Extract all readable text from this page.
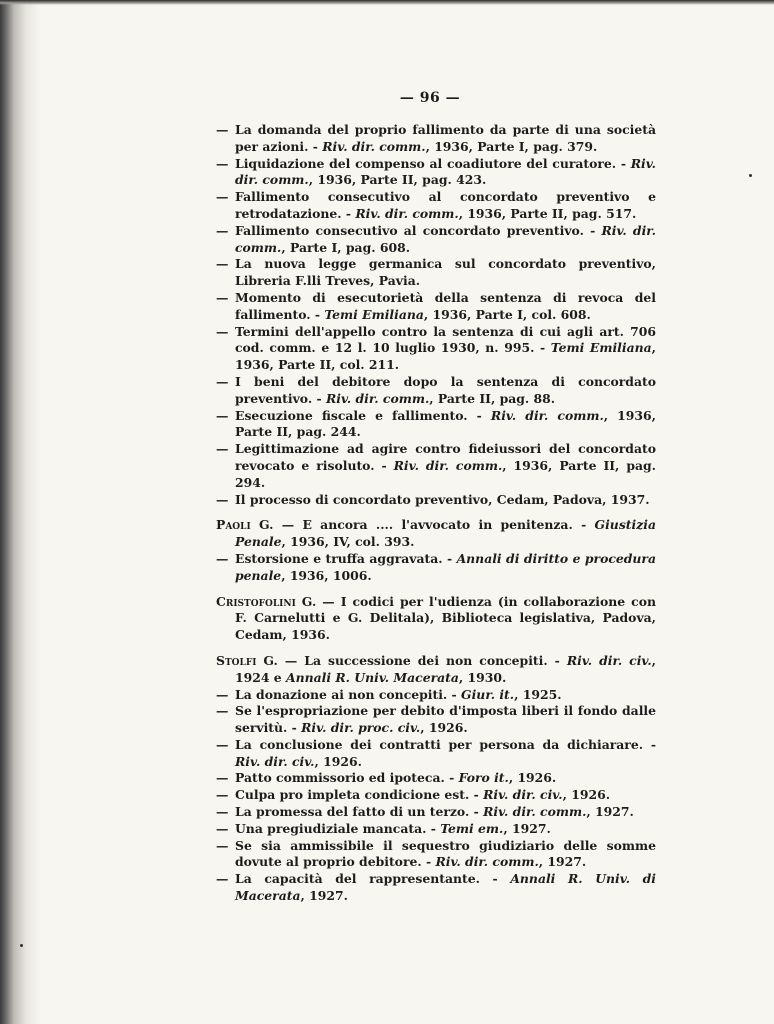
— 96 —
— La domanda del proprio fallimento da parte di una società per azioni. - Riv. dir. comm., 1936, Parte I, pag. 379.
— Liquidazione del compenso al coadiutore del curatore. - Riv. dir. comm., 1936, Parte II, pag. 423.
— Fallimento consecutivo al concordato preventivo e retrodatazione. - Riv. dir. comm., 1936, Parte II, pag. 517.
— Fallimento consecutivo al concordato preventivo. - Riv. dir. comm., Parte I, pag. 608.
— La nuova legge germanica sul concordato preventivo, Libreria F.lli Treves, Pavia.
— Momento di esecutorietà della sentenza di revoca del fallimento. - Temi Emiliana, 1936, Parte I, col. 608.
— Termini dell'appello contro la sentenza di cui agli art. 706 cod. comm. e 12 l. 10 luglio 1930, n. 995. - Temi Emiliana, 1936, Parte II, col. 211.
— I beni del debitore dopo la sentenza di concordato preventivo. - Riv. dir. comm., Parte II, pag. 88.
— Esecuzione fiscale e fallimento. - Riv. dir. comm., 1936, Parte II, pag. 244.
— Legittimazione ad agire contro fideiussori del concordato revocato e risoluto. - Riv. dir. comm., 1936, Parte II, pag. 294.
— Il processo di concordato preventivo, Cedam, Padova, 1937.
Paoli G. — E ancora .... l'avvocato in penitenza. - Giustizia Penale, 1936, IV, col. 393.
— Estorsione e truffa aggravata. - Annali di diritto e procedura penale, 1936, 1006.
Cristofolini G. — I codici per l'udienza (in collaborazione con F. Carnelutti e G. Delitala), Biblioteca legislativa, Padova, Cedam, 1936.
Stolfi G. — La successione dei non concepiti. - Riv. dir. civ., 1924 e Annali R. Univ. Macerata, 1930.
— La donazione ai non concepiti. - Giur. it., 1925.
— Se l'espropriazione per debito d'imposta liberi il fondo dalle servitù. - Riv. dir. proc. civ., 1926.
— La conclusione dei contratti per persona da dichiarare. - Riv. dir. civ., 1926.
— Patto commissorio ed ipoteca. - Foro it., 1926.
— Culpa pro impleta condicione est. - Riv. dir. civ., 1926.
— La promessa del fatto di un terzo. - Riv. dir. comm., 1927.
— Una pregiudiziale mancata. - Temi em., 1927.
— Se sia ammissibile il sequestro giudiziario delle somme dovute al proprio debitore. - Riv. dir. comm., 1927.
— La capacità del rappresentante. - Annali R. Univ. di Macerata, 1927.
